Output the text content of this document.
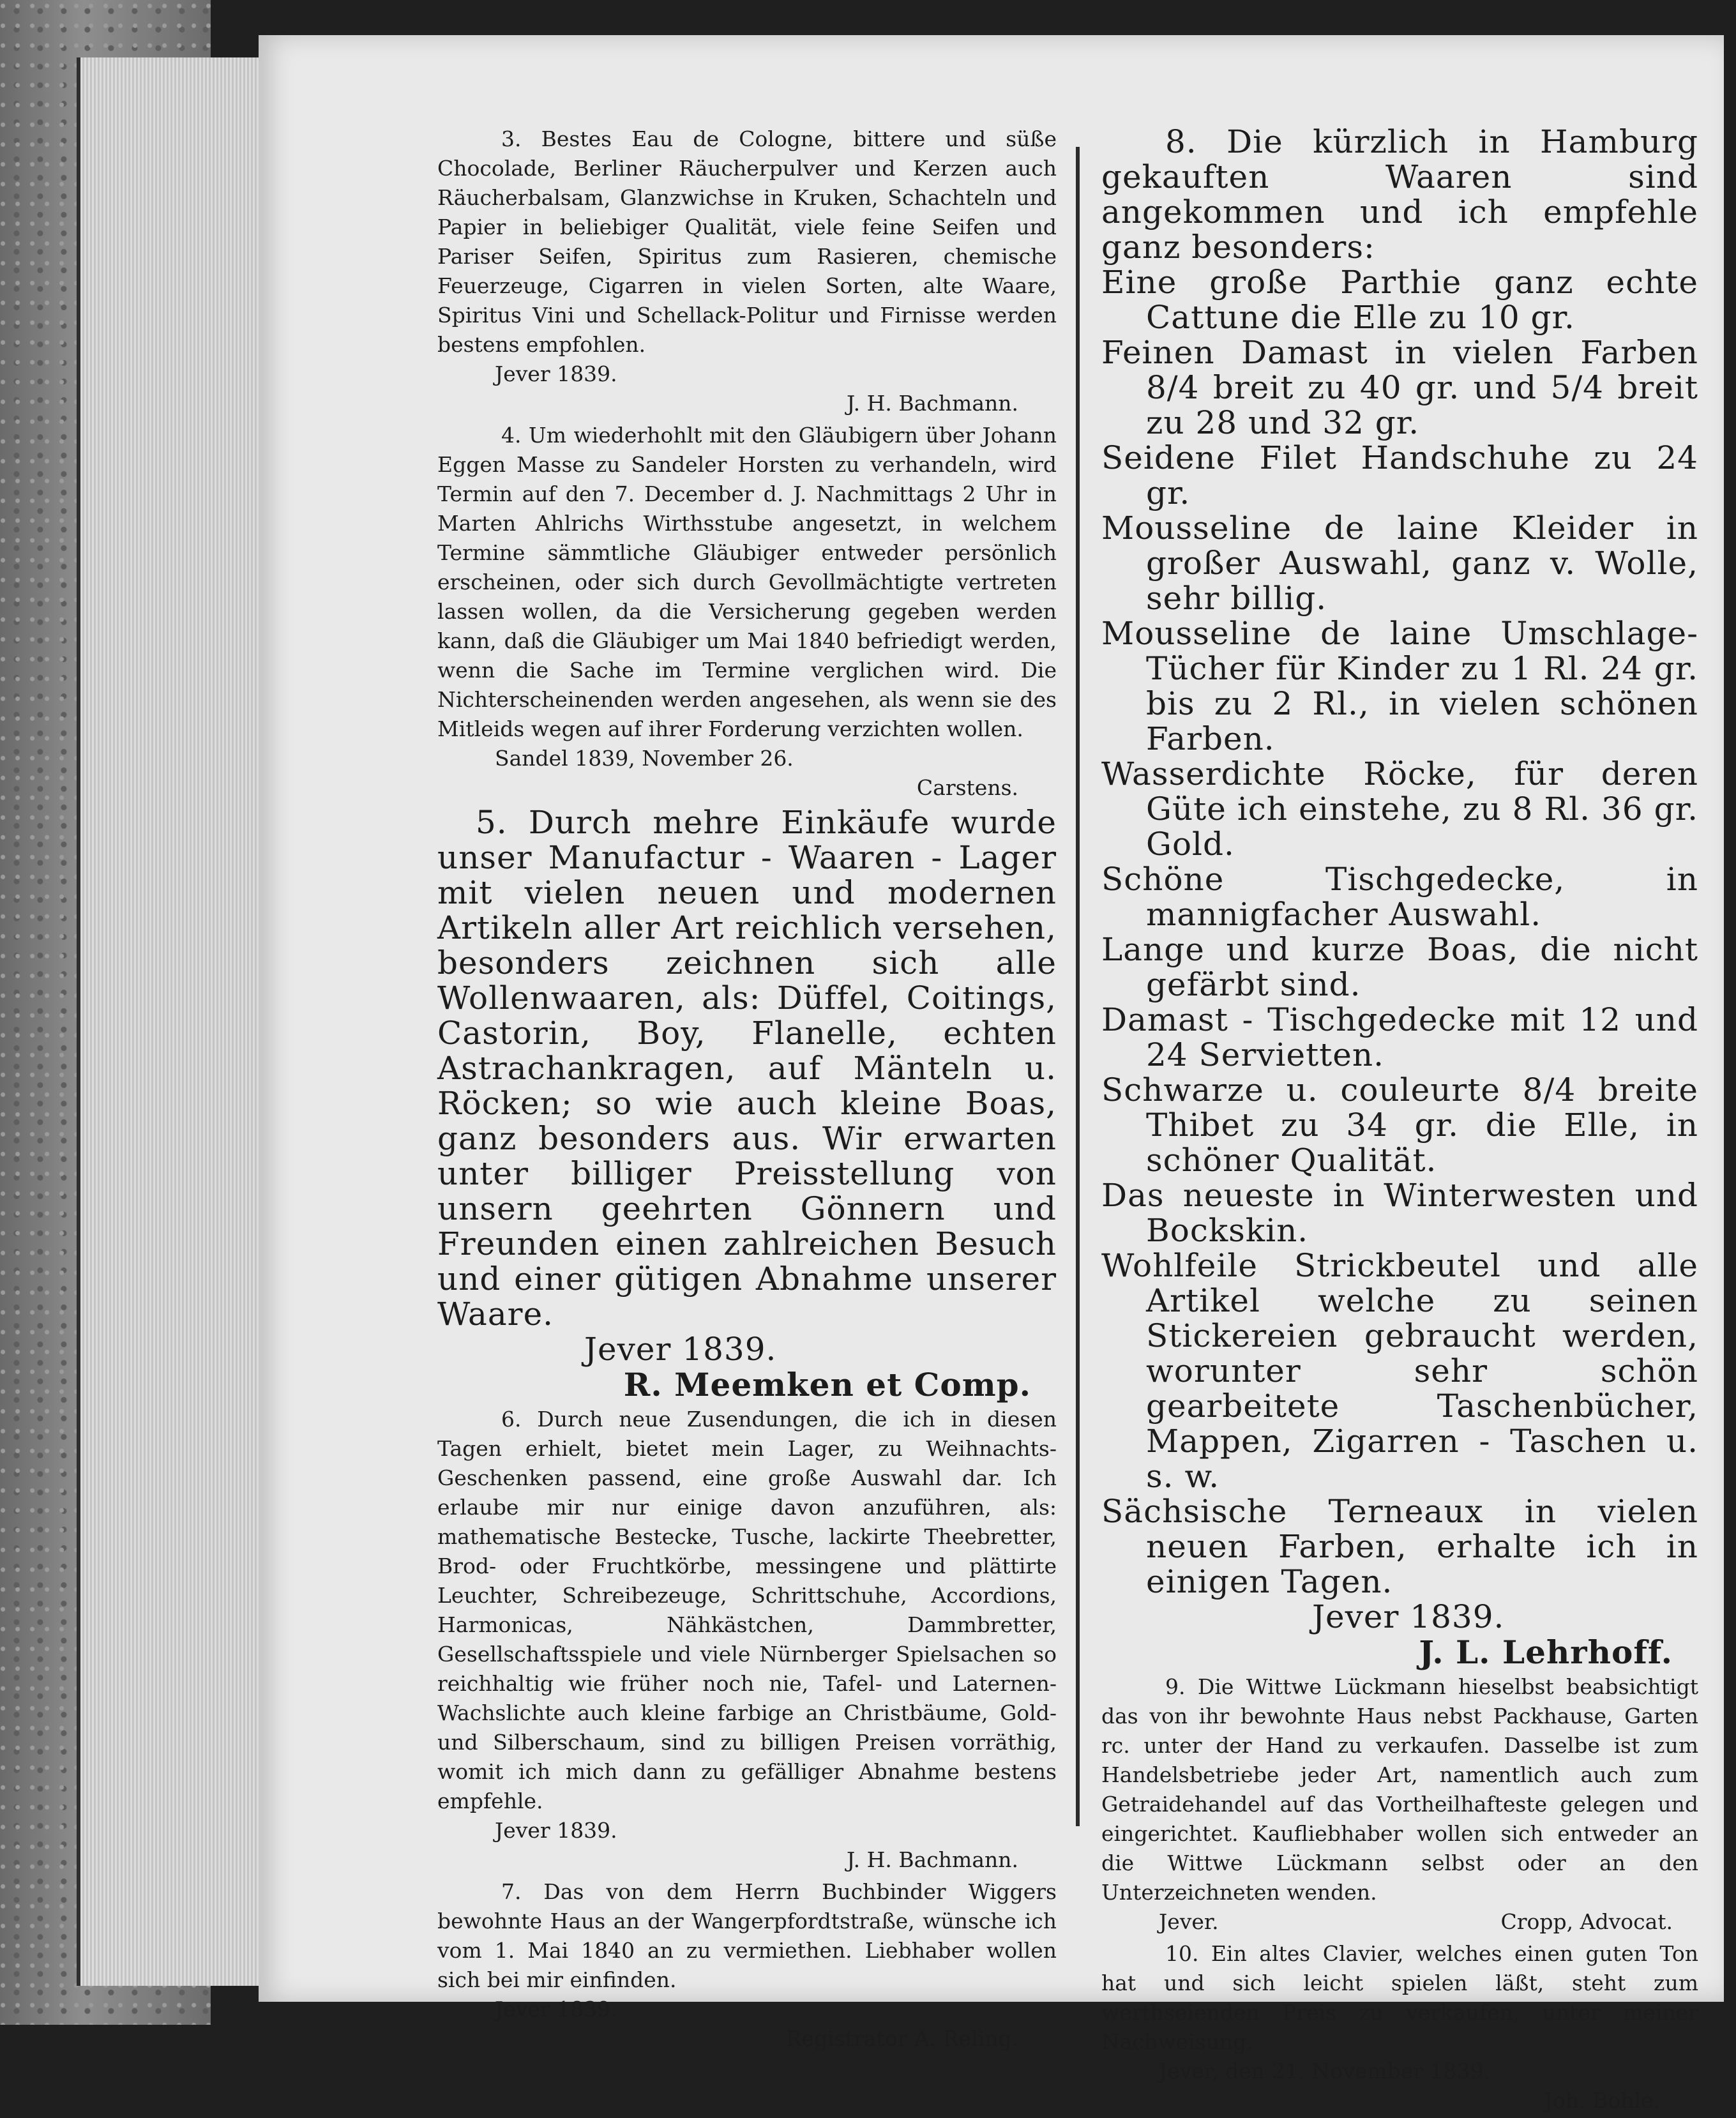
3. Bestes Eau de Cologne, bittere und süße Chocolade, Berliner Räucherpulver und Kerzen auch Räucherbalsam, Glanzwichse in Kruken, Schachteln und Papier in beliebiger Qualität, viele feine Seifen und Pariser Seifen, Spiritus zum Rasieren, chemische Feuerzeuge, Cigarren in vielen Sorten, alte Waare, Spiritus Vini und Schellack-Politur und Firnisse werden bestens empfohlen.

Jever 1839.

J. H. Bachmann.

4. Um wiederhohlt mit den Gläubigern über Johann Eggen Masse zu Sandeler Horsten zu verhandeln, wird Termin auf den 7. December d. J. Nachmittags 2 Uhr in Marten Ahlrichs Wirthsstube angesetzt, in welchem Termine sämmtliche Gläubiger entweder persönlich erscheinen, oder sich durch Gevollmächtigte vertreten lassen wollen, da die Versicherung gegeben werden kann, daß die Gläubiger um Mai 1840 befriedigt werden, wenn die Sache im Termine verglichen wird. Die Nichterscheinenden werden angesehen, als wenn sie des Mitleids wegen auf ihrer Forderung verzichten wollen.

Sandel 1839, November 26.

Carstens.

5. Durch mehre Einkäufe wurde unser Manufactur - Waaren - Lager mit vielen neuen und modernen Artikeln aller Art reichlich versehen, besonders zeichnen sich alle Wollenwaaren, als: Düffel, Coitings, Castorin, Boy, Flanelle, echten Astrachankragen, auf Mänteln u. Röcken; so wie auch kleine Boas, ganz besonders aus. Wir erwarten unter billiger Preisstellung von unsern geehrten Gönnern und Freunden einen zahlreichen Besuch und einer gütigen Abnahme unserer Waare.

Jever 1839.

R. Meemken et Comp.

6. Durch neue Zusendungen, die ich in diesen Tagen erhielt, bietet mein Lager, zu Weihnachts-Geschenken passend, eine große Auswahl dar. Ich erlaube mir nur einige davon anzuführen, als: mathematische Bestecke, Tusche, lackirte Theebretter, Brod- oder Fruchtkörbe, messingene und plättirte Leuchter, Schreibezeuge, Schrittschuhe, Accordions, Harmonicas, Nähkästchen, Dammbretter, Gesellschaftsspiele und viele Nürnberger Spielsachen so reichhaltig wie früher noch nie, Tafel- und Laternen-Wachslichte auch kleine farbige an Christbäume, Gold- und Silberschaum, sind zu billigen Preisen vorräthig, womit ich mich dann zu gefälliger Abnahme bestens empfehle.

Jever 1839.

J. H. Bachmann.

7. Das von dem Herrn Buchbinder Wiggers bewohnte Haus an der Wangerpfordtstraße, wünsche ich vom 1. Mai 1840 an zu vermiethen. Liebhaber wollen sich bei mir einfinden.

Jever 1839.

Registrator A. Reling.

8. Die kürzlich in Hamburg gekauften Waaren sind angekommen und ich empfehle ganz besonders:

Eine große Parthie ganz echte Cattune die Elle zu 10 gr.

Feinen Damast in vielen Farben 8/4 breit zu 40 gr. und 5/4 breit zu 28 und 32 gr.

Seidene Filet Handschuhe zu 24 gr.

Mousseline de laine Kleider in großer Auswahl, ganz v. Wolle, sehr billig.

Mousseline de laine Umschlage-Tücher für Kinder zu 1 Rl. 24 gr. bis zu 2 Rl., in vielen schönen Farben.

Wasserdichte Röcke, für deren Güte ich einstehe, zu 8 Rl. 36 gr. Gold.

Schöne Tischgedecke, in mannigfacher Auswahl.

Lange und kurze Boas, die nicht gefärbt sind.

Damast - Tischgedecke mit 12 und 24 Servietten.

Schwarze u. couleurte 8/4 breite Thibet zu 34 gr. die Elle, in schöner Qualität.

Das neueste in Winterwesten und Bockskin.

Wohlfeile Strickbeutel und alle Artikel welche zu seinen Stickereien gebraucht werden, worunter sehr schön gearbeitete Taschenbücher, Mappen, Zigarren - Taschen u. s. w.

Sächsische Terneaux in vielen neuen Farben, erhalte ich in einigen Tagen.

Jever 1839.

J. L. Lehrhoff.

9. Die Wittwe Lückmann hieselbst beabsichtigt das von ihr bewohnte Haus nebst Packhause, Garten rc. unter der Hand zu verkaufen. Dasselbe ist zum Handelsbetriebe jeder Art, namentlich auch zum Getraidehandel auf das Vortheilhafteste gelegen und eingerichtet. Kaufliebhaber wollen sich entweder an die Wittwe Lückmann selbst oder an den Unterzeichneten wenden.

Jever.	Cropp, Advocat.

10. Ein altes Clavier, welches einen guten Ton hat und sich leicht spielen läßt, steht zum werthseienden Preis zu verkaufen, unter meiner Nachweisung.

Jever, den 21. November 1839.

Joh. Bohle.
